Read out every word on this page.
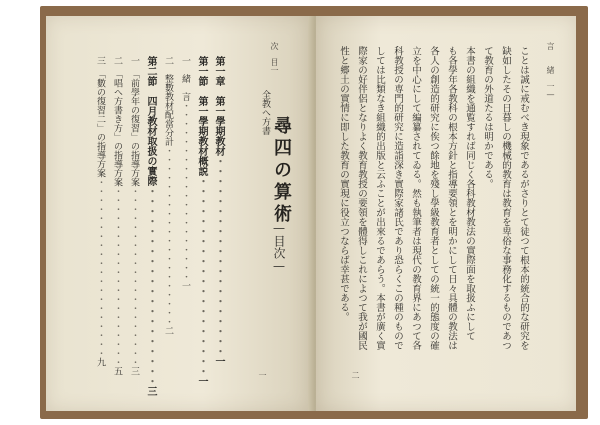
次　目一
全教へ方書
尋四の算術
—目次—
第一章　第一學期教材・・・・・・・・・・・・・・・・・・・・一
第一節　第一學期教材概説・・・・・・・・・・・・・・・・・・・・一
一　緒　言・・・・・・・・・・・・・・・・・・・・一
二　整數教材配當分計・・・・・・・・・・・・・・・・・・・・二
第二節　四月教材取扱の實際・・・・・・・・・・・・・・・・・・・・三
一　「前學年の復習」の指導方案・・・・・・・・・・・・・・・・・・・・三
二　「唱へ方書き方」の指導方案・・・・・・・・・・・・・・・・・・・・五
三　「數の復習二」の指導方案・・・・・・・・・・・・・・・・・・・・九
一
言　　緒　一—
ことは誠に戒むべき現象であるがさりとて徒つて根本的統合的な研究を
缺如したその日暮しの機械的教育は教育を卑俗な事務化するものであつ
て教育の外道たるは明かである。
本書の組織を通覧すれば同じく各科教材教法の實際面を取扱ふにして
も各學年各教科の根本方針と指導要領とを明かにして日々具體の教法は
各人の創造的研究に俟つ餘地を殘し學級教育者としての統一的態度の確
立を中心にして編纂されてゐる。然も執筆者は現代の教育界にあつて各
科教授の専門的研究に造詣深き實際家諸氏であり恐らくこの種のもので
しては比類なき組織的出版と云ふことが出來るであらう。本書が廣く實
際家の好伴侶となりよく教育教授の要領を體得しこれによつて我が國民
性と郷土の實情に即した教育の實現に役立つならば幸甚である。
二
